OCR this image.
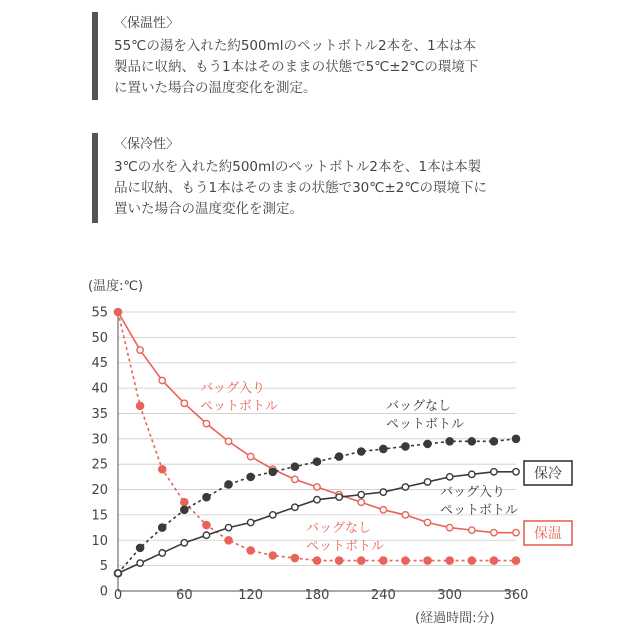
〈保温性〉
55℃の湯を入れた約500mlのペットボトル2本を、1本は本
製品に収納、もう1本はそのままの状態で5℃±2℃の環境下
に置いた場合の温度変化を測定。
〈保冷性〉
3℃の水を入れた約500mlのペットボトル2本を、1本は本製
品に収納、もう1本はそのままの状態で30℃±2℃の環境下に
置いた場合の温度変化を測定。
(温度:℃)
(経過時間:分)
0
5
10
15
20
25
30
35
40
45
50
55
0	60	120	180	240	300	360
バッグ入り
ペットボトル
バッグなし
ペットボトル
バッグなし
ペットボトル
バッグ入り
ペットボトル
保冷
保温
